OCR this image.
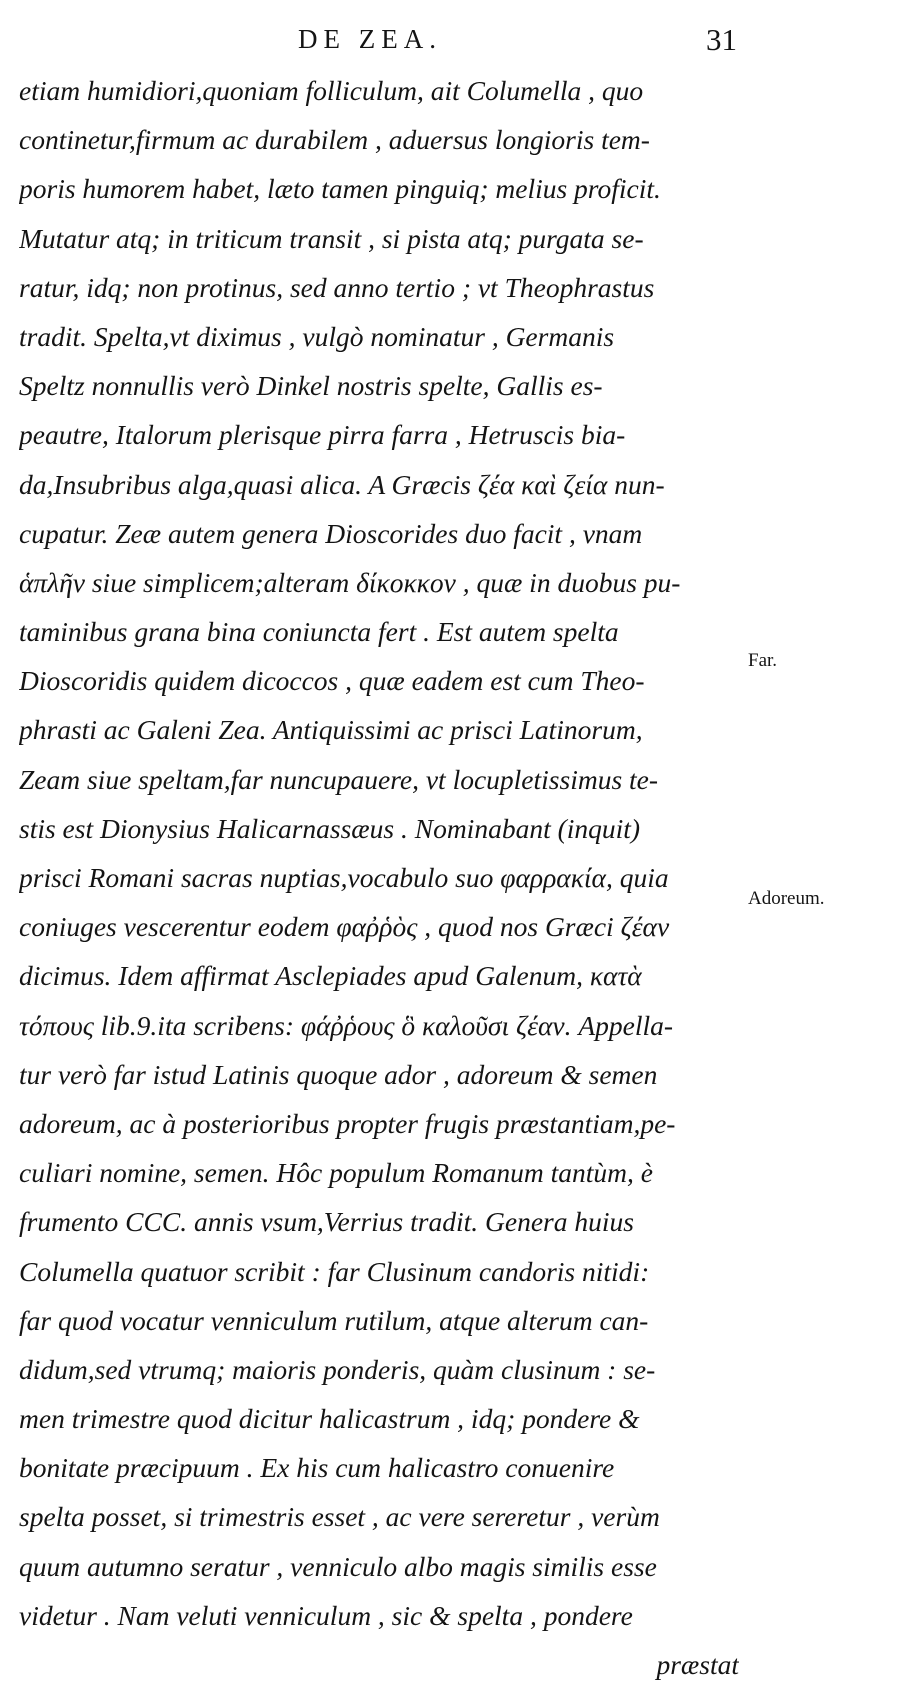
DE ZEA.	31
etiam humidiori,quoniam folliculum, ait Columella , quo
continetur,firmum ac durabilem , aduersus longioris tem-
poris humorem habet, læto tamen pinguiq; melius proficit.
Mutatur atq; in triticum transit , si pista atq; purgata se-
ratur, idq; non protinus, sed anno tertio ; vt Theophrastus
tradit. Spelta,vt diximus , vulgò nominatur , Germanis
Speltz nonnullis verò Dinkel nostris spelte, Gallis es-
peautre, Italorum plerisque pirra farra , Hetruscis bia-
da,Insubribus alga,quasi alica. A Græcis ζέα καὶ ζεία nun-
cupatur. Zeæ autem genera Dioscorides duo facit , vnam
ἁπλῆν siue simplicem;alteram δίκοκκον , quæ in duobus pu-
taminibus grana bina coniuncta fert . Est autem spelta
Dioscoridis quidem dicoccos , quæ eadem est cum Theo-
phrasti ac Galeni Zea. Antiquissimi ac prisci Latinorum,
Zeam siue speltam,far nuncupauere, vt locupletissimus te-
stis est Dionysius Halicarnassæus . Nominabant (inquit)
prisci Romani sacras nuptias,vocabulo suo φαρρακία, quia
coniuges vescerentur eodem φαῤῥὸς , quod nos Græci ζέαν
dicimus. Idem affirmat Asclepiades apud Galenum, κατὰ
τόπους lib.9.ita scribens: φάῤῥους ὃ καλοῦσι ζέαν. Appella-
tur verò far istud Latinis quoque ador , adoreum & semen
adoreum, ac à posterioribus propter frugis præstantiam,pe-
culiari nomine, semen. Hôc populum Romanum tantùm, è
frumento CCC. annis vsum,Verrius tradit. Genera huius
Columella quatuor scribit : far Clusinum candoris nitidi:
far quod vocatur venniculum rutilum, atque alterum can-
didum,sed vtrumq; maioris ponderis, quàm clusinum : se-
men trimestre quod dicitur halicastrum , idq; pondere &
bonitate præcipuum . Ex his cum halicastro conuenire
spelta posset, si trimestris esset , ac vere sereretur , verùm
quum autumno seratur , venniculo albo magis similis esse
videtur . Nam veluti venniculum , sic & spelta , pondere
præstat
Far.
Adoreum.
